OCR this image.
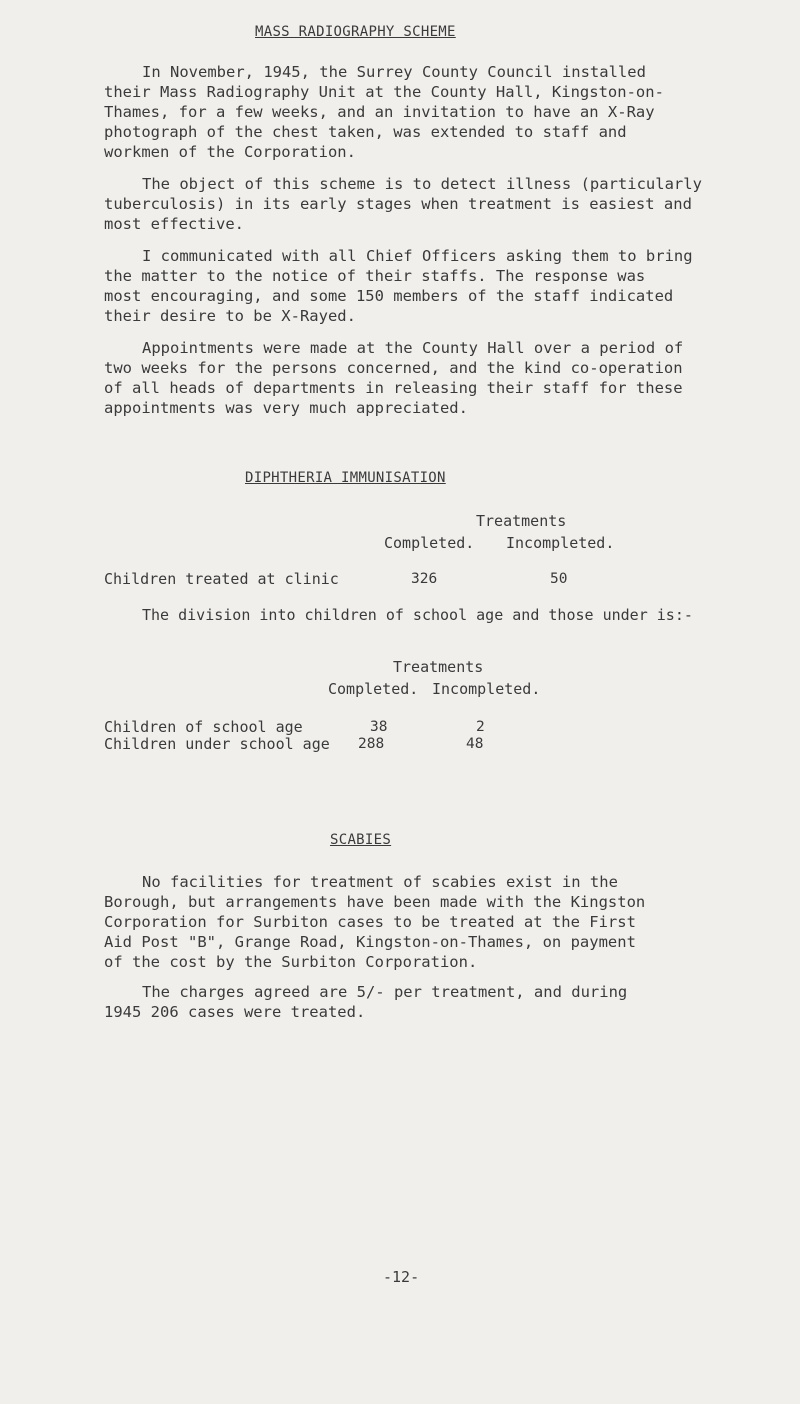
MASS RADIOGRAPHY SCHEME

In November, 1945, the Surrey County Council installed
their Mass Radiography Unit at the County Hall, Kingston-on-
Thames, for a few weeks, and an invitation to have an X-Ray
photograph of the chest taken, was extended to staff and
workmen of the Corporation.

The object of this scheme is to detect illness (particularly
tuberculosis) in its early stages when treatment is easiest and
most effective.

I communicated with all Chief Officers asking them to bring
the matter to the notice of their staffs. The response was
most encouraging, and some 150 members of the staff indicated
their desire to be X-Rayed.

Appointments were made at the County Hall over a period of
two weeks for the persons concerned, and the kind co-operation
of all heads of departments in releasing their staff for these
appointments was very much appreciated.

DIPHTHERIA IMMUNISATION
Treatments
Completed. Incompleted.
Children treated at clinic	326	50
The division into children of school age and those under is:-
Treatments
Completed. Incompleted.
Children of school age	38	2
Children under school age 288	48
SCABIES

No facilities for treatment of scabies exist in the
Borough, but arrangements have been made with the Kingston
Corporation for Surbiton cases to be treated at the First
Aid Post "B", Grange Road, Kingston-on-Thames, on payment
of the cost by the Surbiton Corporation.

The charges agreed are 5/- per treatment, and during
1945 206 cases were treated.

-12-
